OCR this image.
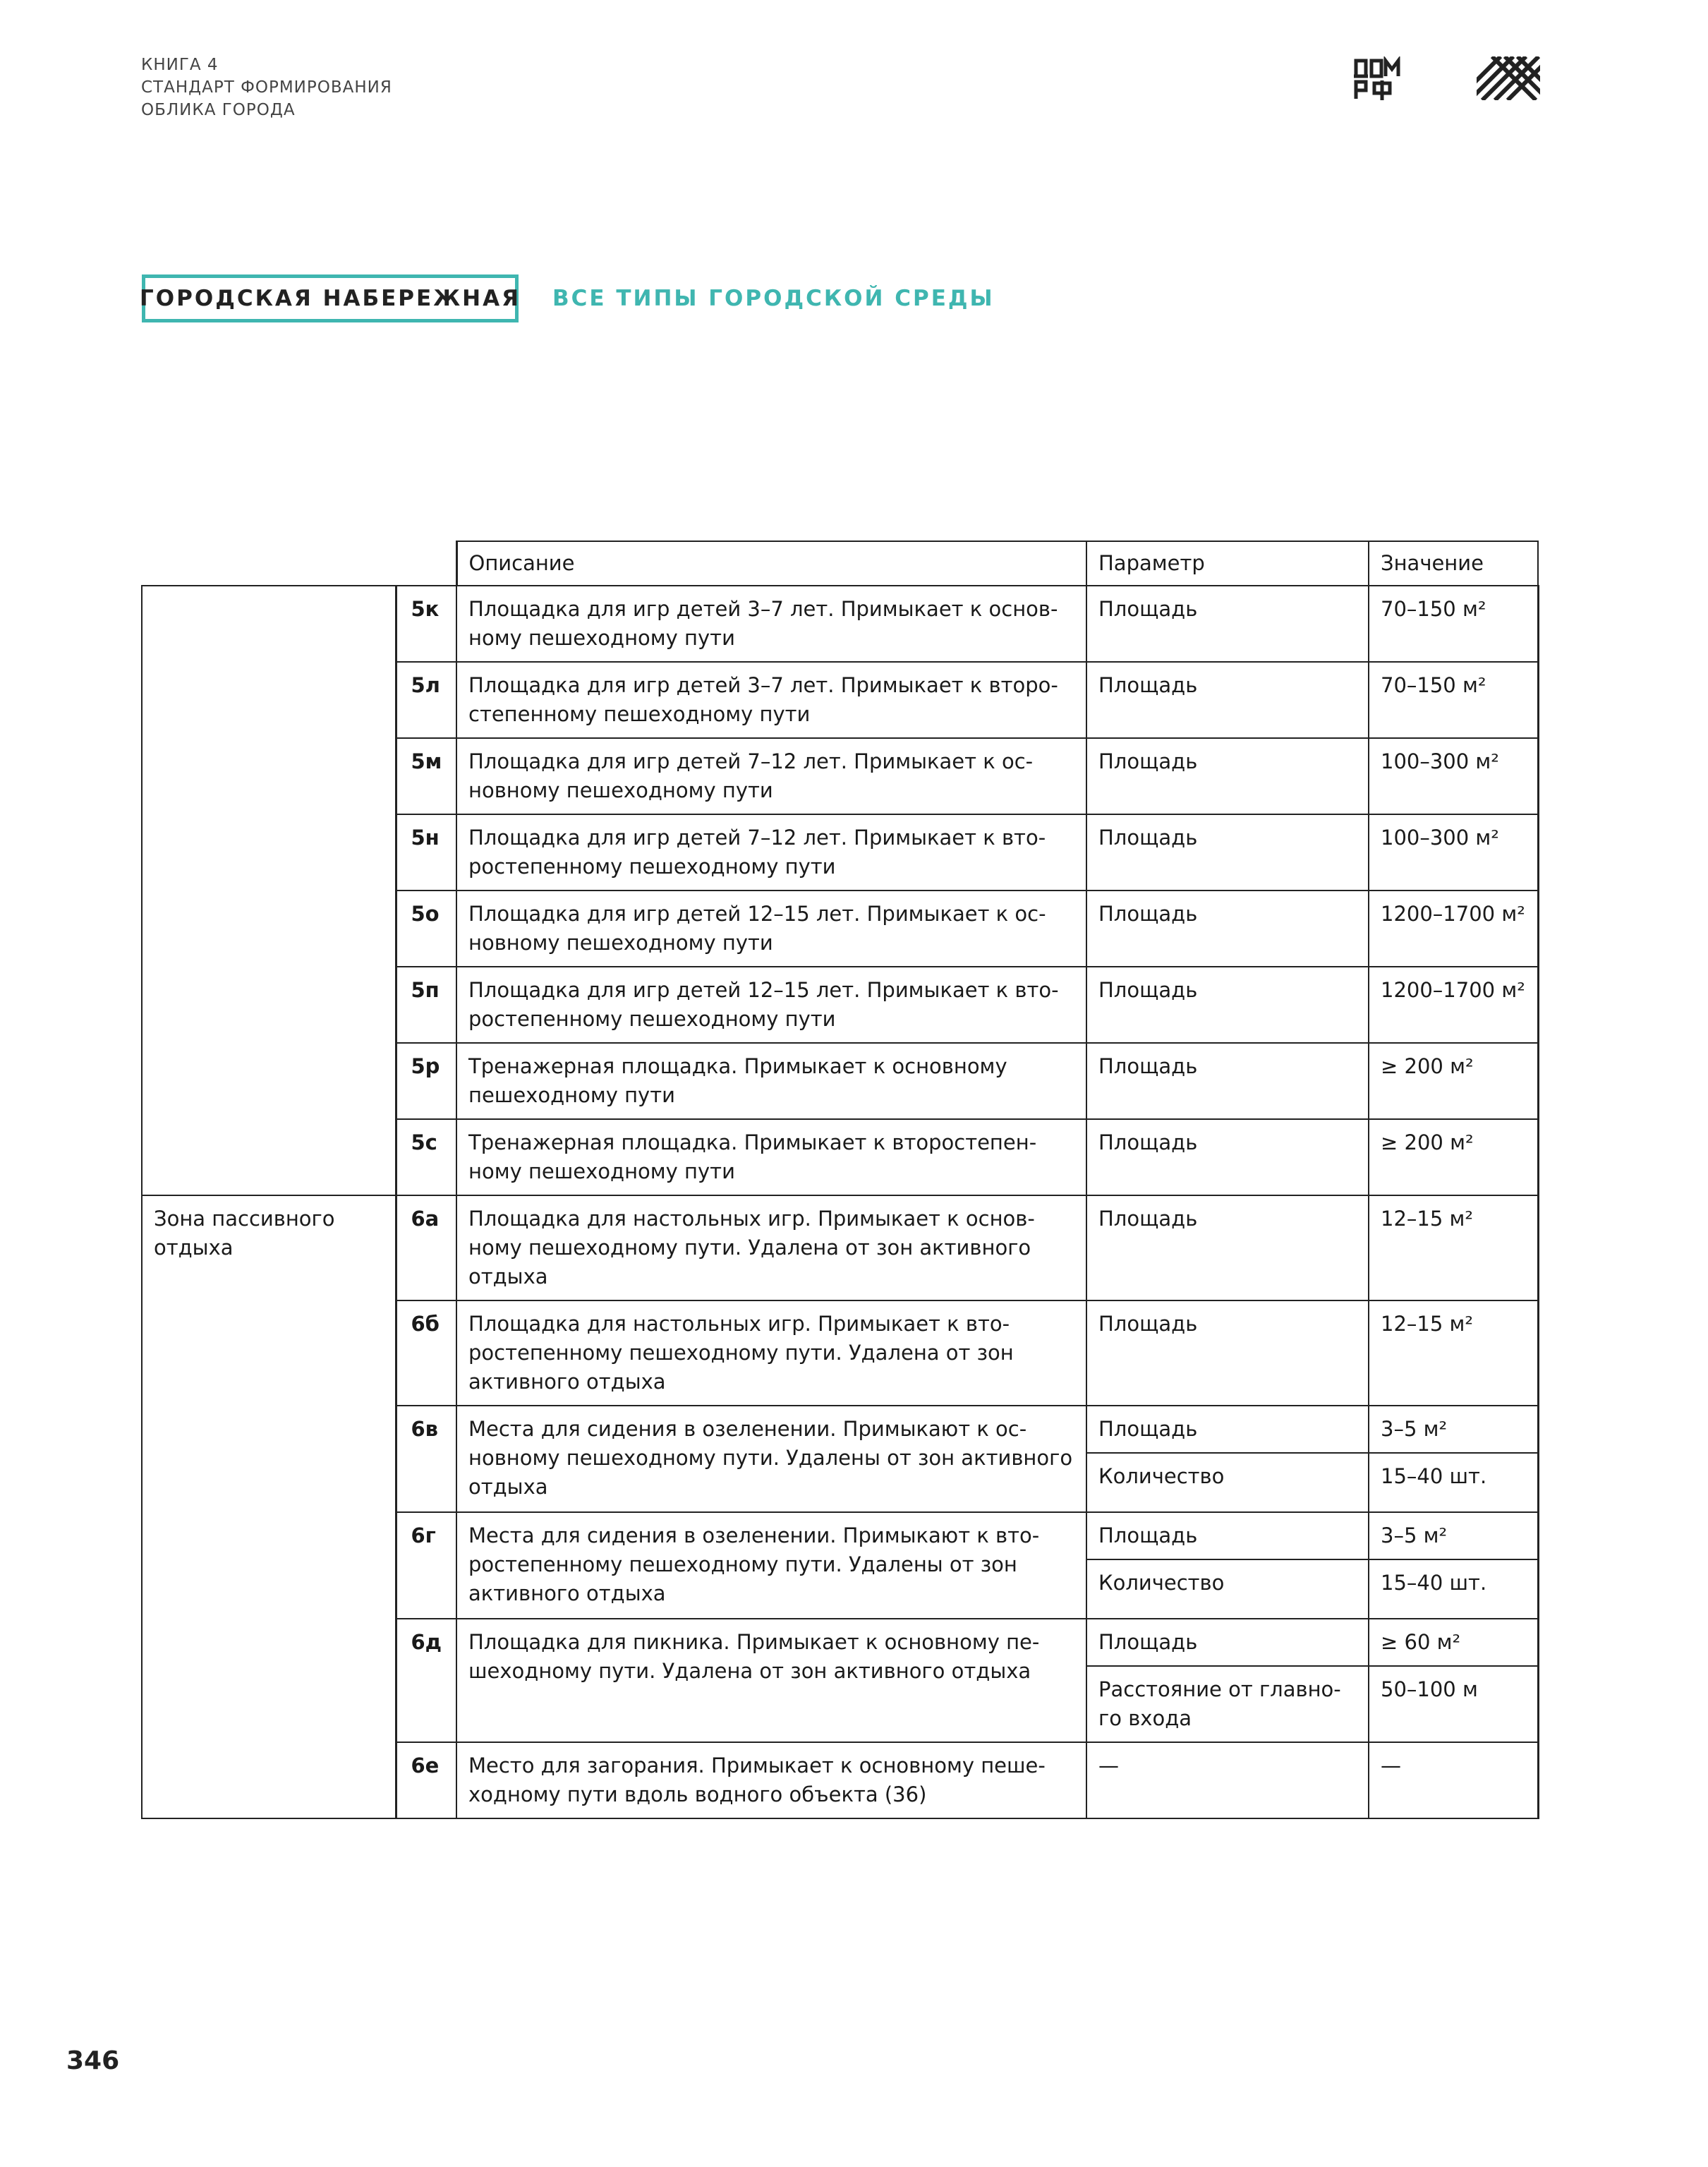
КНИГА 4
СТАНДАРТ ФОРМИРОВАНИЯ
ОБЛИКА ГОРОДА
ГОРОДСКАЯ НАБЕРЕЖНАЯ ВСЕ ТИПЫ ГОРОДСКОЙ СРЕДЫ
		Описание	Параметр	Значение
	5к	Площадка для игр детей 3–7 лет. Примыкает к основному пешеходному пути	Площадь	70–150 м²
	5л	Площадка для игр детей 3–7 лет. Примыкает к второстепенному пешеходному пути	Площадь	70–150 м²
	5м	Площадка для игр детей 7–12 лет. Примыкает к основному пешеходному пути	Площадь	100–300 м²
	5н	Площадка для игр детей 7–12 лет. Примыкает к второстепенному пешеходному пути	Площадь	100–300 м²
	5о	Площадка для игр детей 12–15 лет. Примыкает к основному пешеходному пути	Площадь	1200–1700 м²
	5п	Площадка для игр детей 12–15 лет. Примыкает к второстепенному пешеходному пути	Площадь	1200–1700 м²
	5р	Тренажерная площадка. Примыкает к основному пешеходному пути	Площадь	≥ 200 м²
	5с	Тренажерная площадка. Примыкает к второстепенному пешеходному пути	Площадь	≥ 200 м²
Зона пассивного отдыха	6а	Площадка для настольных игр. Примыкает к основному пешеходному пути. Удалена от зон активного отдыха	Площадь	12–15 м²
	6б	Площадка для настольных игр. Примыкает к второстепенному пешеходному пути. Удалена от зон активного отдыха	Площадь	12–15 м²
	6в	Места для сидения в озеленении. Примыкают к основному пешеходному пути. Удалены от зон активного отдыха	Площадь	3–5 м²
			Количество	15–40 шт.
	6г	Места для сидения в озеленении. Примыкают к второстепенному пешеходному пути. Удалены от зон активного отдыха	Площадь	3–5 м²
			Количество	15–40 шт.
	6д	Площадка для пикника. Примыкает к основному пешеходному пути. Удалена от зон активного отдыха	Площадь	≥ 60 м²
			Расстояние от главного входа	50–100 м
	6е	Место для загорания. Примыкает к основному пешеходному пути вдоль водного объекта (36)	—	—
346
